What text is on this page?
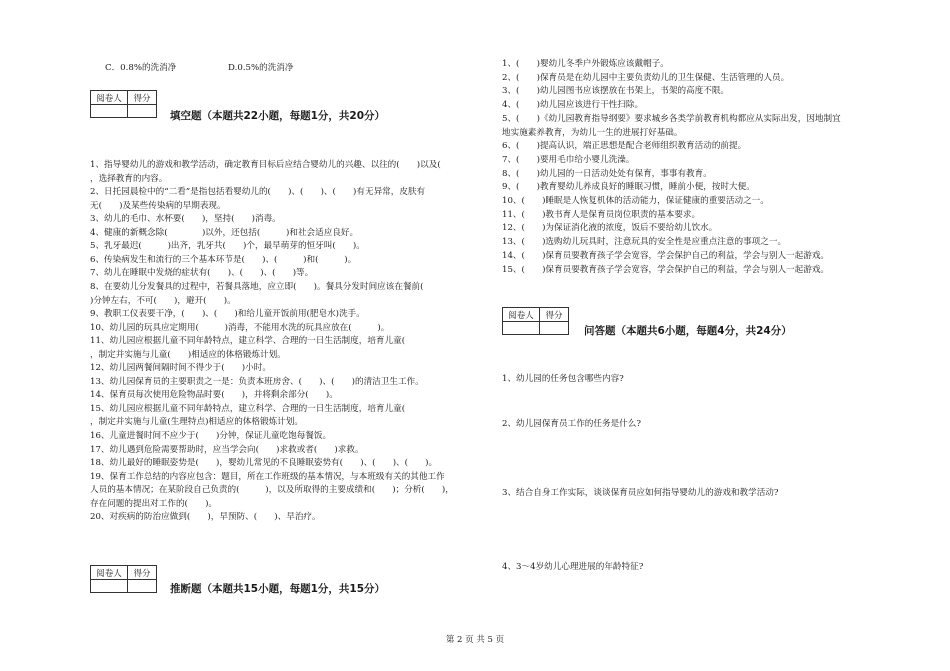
C．0.8%的洗消净	D.0.5%的洗消净
阅卷人	得分

填空题（本题共22小题，每题1分，共20分）
1、指导婴幼儿的游戏和教学活动，确定教育目标后应结合婴幼儿的兴趣、以往的(　　)以及(
，选择教育的内容。
2、日托园晨检中的“二看”是指包括看婴幼儿的(　　)、(　　)、(　　)有无异常，皮肤有
无(　　)及某些传染病的早期表现。
3、幼儿的毛巾、水杯要(　　)，坚持(　　)消毒。
4、健康的新概念除(　　　　)以外，还包括(　　　)和社会适应良好。
5、乳牙最迟(　　　)出齐，乳牙共(　　)个，最早萌芽的恒牙叫(　　)。
6、传染病发生和流行的三个基本环节是(　　)、(　　　)和(　　　)。
7、幼儿在睡眠中发烧的症状有(　　)、(　　)、(　　)等。
8、在要幼儿分发餐具的过程中，若餐具落地，应立即(　　)。餐具分发时间应该在餐前(
)分钟左右，不可(　　)，避开(　　)。
9、教职工仪表要干净，(　　)、(　　)和给儿童开饭前用(肥皂水)洗手。
10、幼儿园的玩具应定期用(　　　)消毒，不能用水洗的玩具应放在(　　　)。
11、幼儿园应根据儿童不同年龄特点，建立科学、合理的一日生活制度，培育儿童(
，制定并实施与儿童(　　)相适应的体格锻炼计划。
12、幼儿园两餐间隔时间不得少于(　　)小时。
13、幼儿园保育员的主要职责之一是：负责本班房舍、(　　)、(　　)的清洁卫生工作。
14、保育员每次使用危险物品时要(　　)，并将剩余部分(　　)。
15、幼儿园应根据儿童不同年龄特点，建立科学、合理的一日生活制度，培育儿童(
，制定并实施与儿童(生理特点)相适应的体格锻炼计划。
16、儿童进餐时间不应少于(　　)分钟，保证儿童吃饱每餐饭。
17、幼儿遇到危险需要帮助时，应当学会向(　　)求救或者(　　)求救。
18、幼儿最好的睡眠姿势是(　　)，婴幼儿常见的不良睡眠姿势有(　　)、(　　)、(　　)。
19、保育工作总结的内容应包含：题目，所在工作班级的基本情况，与本班级有关的其他工作
人员的基本情况；在某阶段自己负责的(　　　)，以及所取得的主要成绩和(　　)；分析(　　)，
存在问题的提出对工作的(　　)。
20、对疾病的防治应做到(　　)，早预防、(　　)、早治疗。
阅卷人	得分

推断题（本题共15小题，每题1分，共15分）
1、(　　)婴幼儿冬季户外锻炼应该戴帽子。
2、(　　)保育员是在幼儿园中主要负责幼儿的卫生保健、生活管理的人员。
3、(　　)幼儿园图书应该摆放在书架上，书架的高度不限。
4、(　　)幼儿园应该进行干性扫除。
5、(　　)《幼儿园教育指导纲要》要求城乡各类学前教育机构都应从实际出发，因地制宜
地实施素养教育，为幼儿一生的进展打好基础。
6、(　　)提高认识，端正思想是配合老师组织教育活动的前提。
7、(　　)要用毛巾给小婴儿洗澡。
8、(　　)幼儿园的一日活动处处有保育，事事有教育。
9、(　　)教育婴幼儿养成良好的睡眠习惯，睡前小便，按时大便。
10、(　　)睡眠是人恢复机体的活动能力，保证健康的重要活动之一。
11、(　　)教书育人是保育员岗位职责的基本要求。
12、(　　)为保证消化液的浓度，饭后不要给幼儿饮水。
13、(　　)选购幼儿玩具时，注意玩具的安全性是应重点注意的事项之一。
14、(　　)保育员要教育孩子学会宽容，学会保护自己的利益，学会与别人一起游戏。
15、(　　)保育员要教育孩子学会宽容，学会保护自己的利益，学会与别人一起游戏。
阅卷人	得分

问答题（本题共6小题，每题4分，共24分）
1、幼儿园的任务包含哪些内容?
2、幼儿园保育员工作的任务是什么?
3、结合自身工作实际，谈谈保育员应如何指导婴幼儿的游戏和教学活动?
4、3～4岁幼儿心理进展的年龄特征?
第 2 页 共 5 页
